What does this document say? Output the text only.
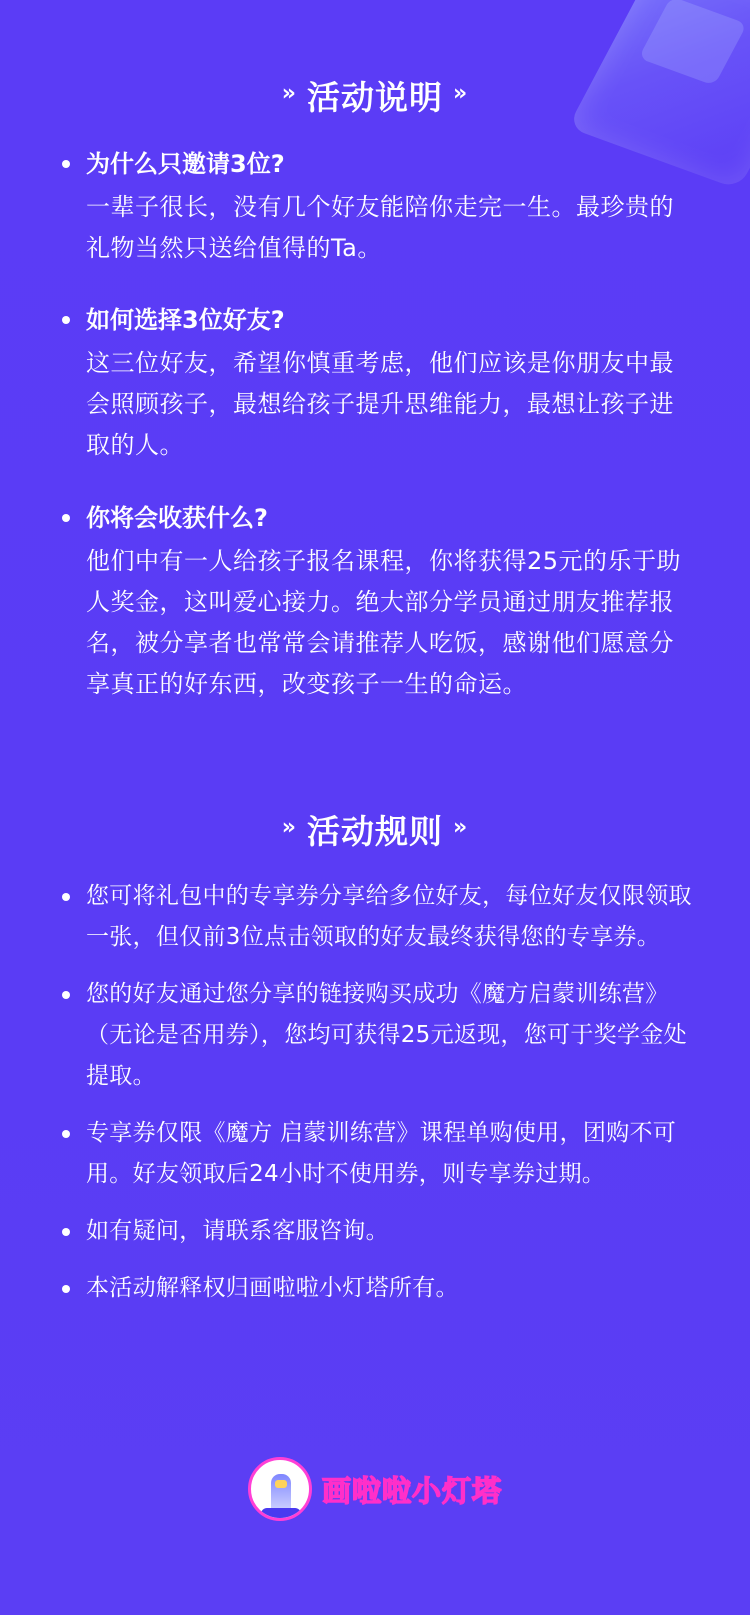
» 活动说明 »
为什么只邀请3位?
一辈子很长，没有几个好友能陪你走完一生。最珍贵的礼物当然只送给值得的Ta。
如何选择3位好友?
这三位好友，希望你慎重考虑，他们应该是你朋友中最会照顾孩子，最想给孩子提升思维能力，最想让孩子进取的人。
你将会收获什么?
他们中有一人给孩子报名课程，你将获得25元的乐于助人奖金，这叫爱心接力。绝大部分学员通过朋友推荐报名，被分享者也常常会请推荐人吃饭，感谢他们愿意分享真正的好东西，改变孩子一生的命运。
» 活动规则 »
您可将礼包中的专享券分享给多位好友，每位好友仅限领取一张，但仅前3位点击领取的好友最终获得您的专享券。
您的好友通过您分享的链接购买成功《魔方启蒙训练营》（无论是否用券），您均可获得25元返现，您可于奖学金处提取。
专享券仅限《魔方 启蒙训练营》课程单购使用，团购不可用。好友领取后24小时不使用券，则专享券过期。
如有疑问，请联系客服咨询。
本活动解释权归画啦啦小灯塔所有。
画啦啦小灯塔
